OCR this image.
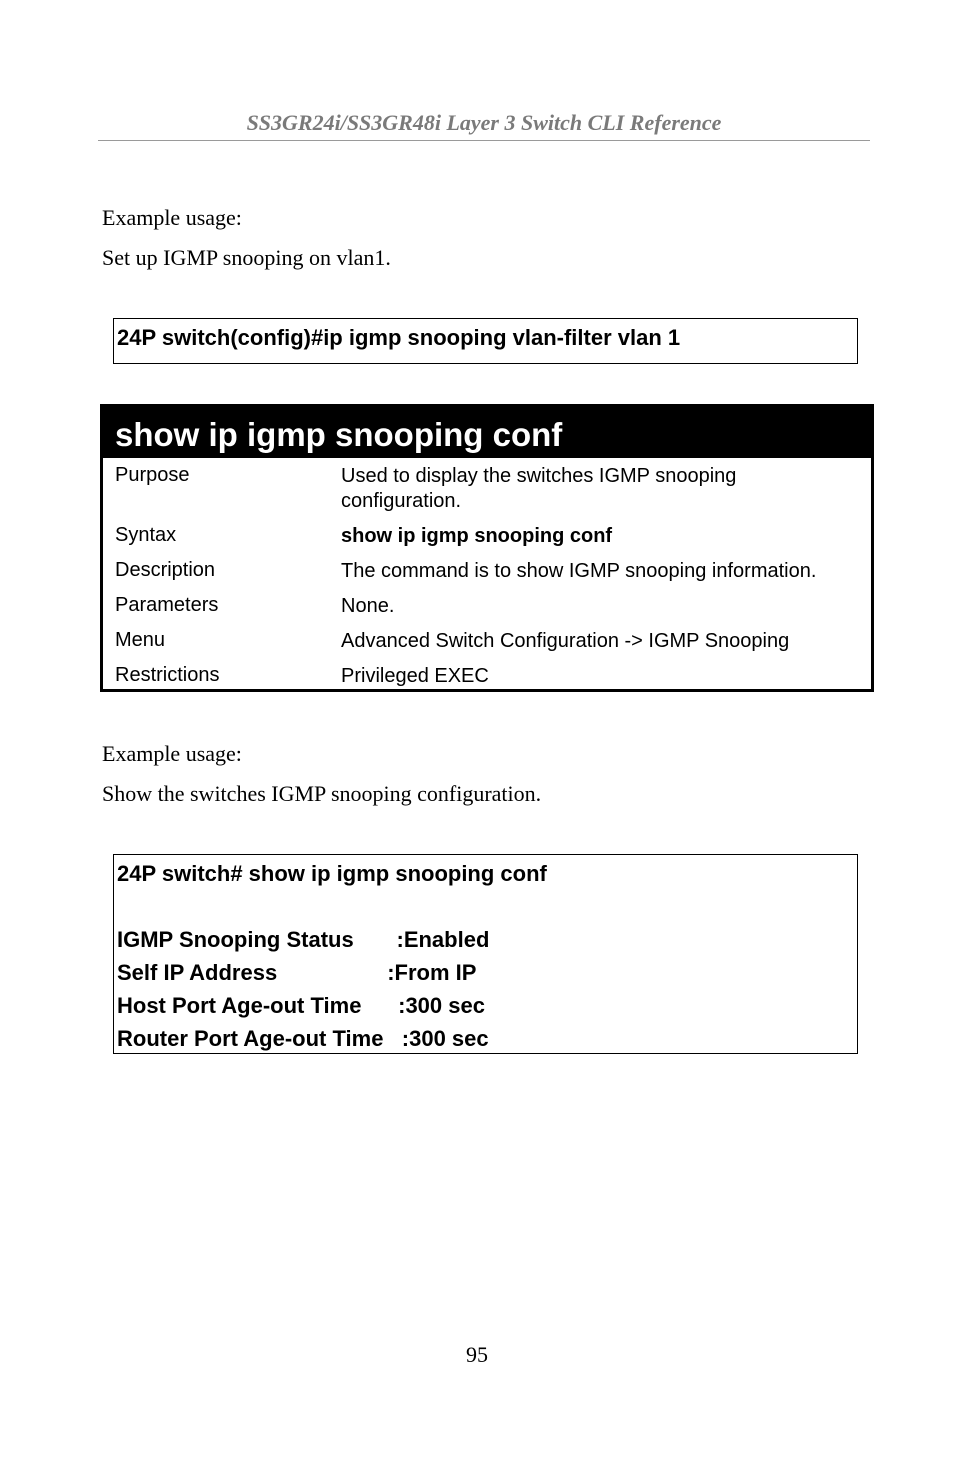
SS3GR24i/SS3GR48i Layer 3 Switch CLI Reference
Example usage:
Set up IGMP snooping on vlan1.
24P switch(config)#ip igmp snooping vlan-filter vlan 1
show ip igmp snooping conf
Purpose	Used to display the switches IGMP snooping configuration.
Syntax	show ip igmp snooping conf
Description	The command is to show IGMP snooping information.
Parameters	None.
Menu	Advanced Switch Configuration -> IGMP Snooping
Restrictions	Privileged EXEC
Example usage:
Show the switches IGMP snooping configuration.
24P switch# show ip igmp snooping conf
IGMP Snooping Status       :Enabled
Self IP Address                  :From IP
Host Port Age-out Time      :300 sec
Router Port Age-out Time   :300 sec
95
